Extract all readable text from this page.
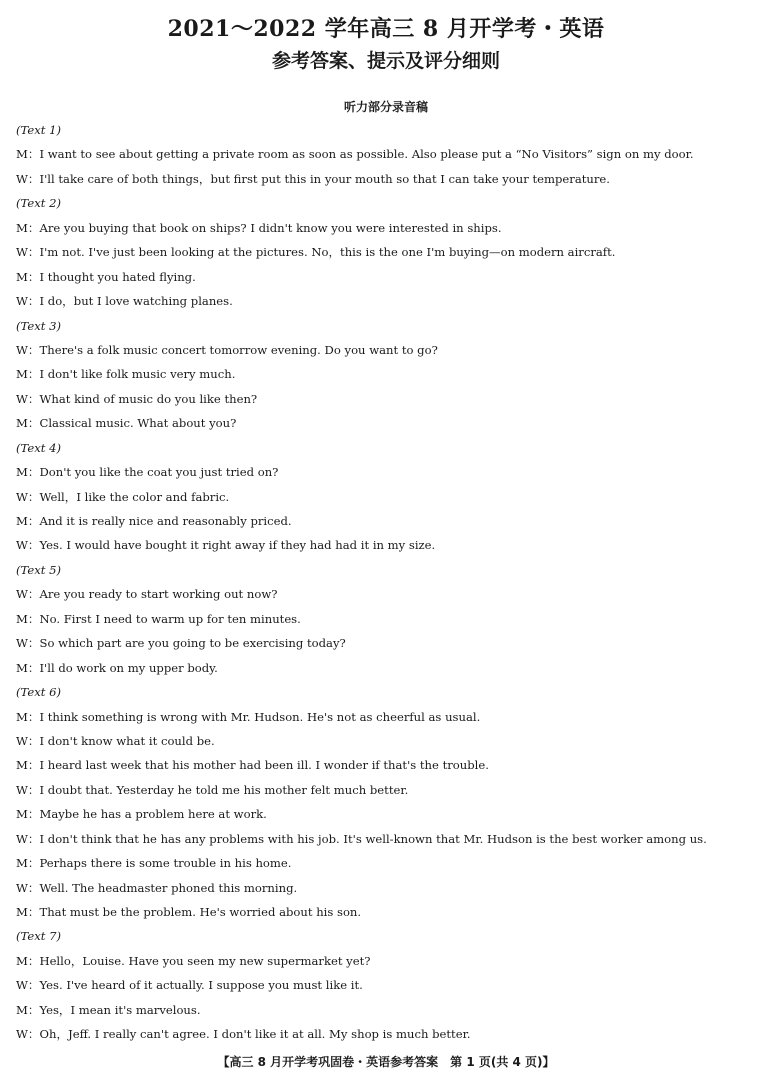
2021～2022 学年高三 8 月开学考・英语
参考答案、提示及评分细则
听力部分录音稿
(Text 1)
M：I want to see about getting a private room as soon as possible. Also please put a “No Visitors” sign on my door.
W：I'll take care of both things，but first put this in your mouth so that I can take your temperature.
(Text 2)
M：Are you buying that book on ships? I didn't know you were interested in ships.
W：I'm not. I've just been looking at the pictures. No，this is the one I'm buying—on modern aircraft.
M：I thought you hated flying.
W：I do，but I love watching planes.
(Text 3)
W：There's a folk music concert tomorrow evening. Do you want to go?
M：I don't like folk music very much.
W：What kind of music do you like then?
M：Classical music. What about you?
(Text 4)
M：Don't you like the coat you just tried on?
W：Well，I like the color and fabric.
M：And it is really nice and reasonably priced.
W：Yes. I would have bought it right away if they had had it in my size.
(Text 5)
W：Are you ready to start working out now?
M：No. First I need to warm up for ten minutes.
W：So which part are you going to be exercising today?
M：I'll do work on my upper body.
(Text 6)
M：I think something is wrong with Mr. Hudson. He's not as cheerful as usual.
W：I don't know what it could be.
M：I heard last week that his mother had been ill. I wonder if that's the trouble.
W：I doubt that. Yesterday he told me his mother felt much better.
M：Maybe he has a problem here at work.
W：I don't think that he has any problems with his job. It's well-known that Mr. Hudson is the best worker among us.
M：Perhaps there is some trouble in his home.
W：Well. The headmaster phoned this morning.
M：That must be the problem. He's worried about his son.
(Text 7)
M：Hello，Louise. Have you seen my new supermarket yet?
W：Yes. I've heard of it actually. I suppose you must like it.
M：Yes，I mean it's marvelous.
W：Oh，Jeff. I really can't agree. I don't like it at all. My shop is much better.
【高三 8 月开学考巩固卷・英语参考答案　第 1 页(共 4 页)】
